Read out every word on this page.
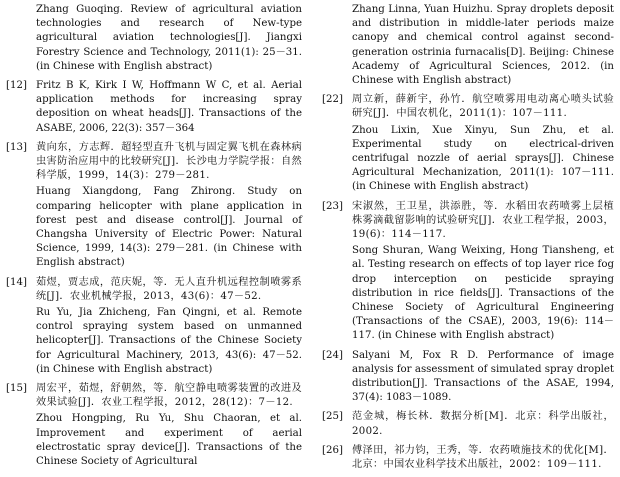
Zhang Guoqing. Review of agricultural aviation technologies and research of New-type agricultural aviation technologies[J]. Jiangxi Forestry Science and Technology, 2011(1): 25－31. (in Chinese with English abstract)

[12] Fritz B K, Kirk I W, Hoffmann W C, et al. Aerial application methods for increasing spray deposition on wheat heads[J]. Transactions of the ASABE, 2006, 22(3): 357－364

[13] 黄向东，方志辉．超轻型直升飞机与固定翼飞机在森林病虫害防治应用中的比较研究[J]．长沙电力学院学报：自然科学版，1999，14(3)：279－281.

Huang Xiangdong, Fang Zhirong. Study on comparing helicopter with plane application in forest pest and disease control[J]. Journal of Changsha University of Electric Power: Natural Science, 1999, 14(3): 279－281. (in Chinese with English abstract)

[14] 茹煜，贾志成，范庆妮，等．无人直升机远程控制喷雾系统[J]．农业机械学报，2013，43(6)：47－52.

Ru Yu, Jia Zhicheng, Fan Qingni, et al. Remote control spraying system based on unmanned helicopter[J]. Transactions of the Chinese Society for Agricultural Machinery, 2013, 43(6): 47－52. (in Chinese with English abstract)

[15] 周宏平，茹煜，舒朝然，等．航空静电喷雾装置的改进及效果试验[J]．农业工程学报，2012，28(12)：7－12.

Zhou Hongping, Ru Yu, Shu Chaoran, et al. Improvement and experiment of aerial electrostatic spray device[J]. Transactions of the Chinese Society of Agricultural

Zhang Linna, Yuan Huizhu. Spray droplets deposit and distribution in middle-later periods maize canopy and chemical control against second-generation ostrinia furnacalis[D]. Beijing: Chinese Academy of Agricultural Sciences, 2012. (in Chinese with English abstract)

[22] 周立新，薛新宇，孙竹．航空喷雾用电动离心喷头试验研究[J]．中国农机化，2011(1)：107－111.

Zhou Lixin, Xue Xinyu, Sun Zhu, et al. Experimental study on electrical-driven centrifugal nozzle of aerial sprays[J]. Chinese Agricultural Mechanization, 2011(1): 107－111. (in Chinese with English abstract)

[23] 宋淑然，王卫星，洪添胜，等．水稻田农药喷雾上层植株雾滴截留影响的试验研究[J]．农业工程学报，2003，19(6)：114－117.

Song Shuran, Wang Weixing, Hong Tiansheng, et al. Testing research on effects of top layer rice fog drop interception on pesticide spraying distribution in rice fields[J]. Transactions of the Chinese Society of Agricultural Engineering (Transactions of the CSAE), 2003, 19(6): 114－117. (in Chinese with English abstract)

[24] Salyani M, Fox R D. Performance of image analysis for assessment of simulated spray droplet distribution[J]. Transactions of the ASAE, 1994, 37(4): 1083－1089.

[25] 范金城，梅长林．数据分析[M]．北京：科学出版社，2002.

[26] 傅泽田，祁力钧，王秀，等．农药喷施技术的优化[M]．北京：中国农业科学技术出版社，2002：109－111.
